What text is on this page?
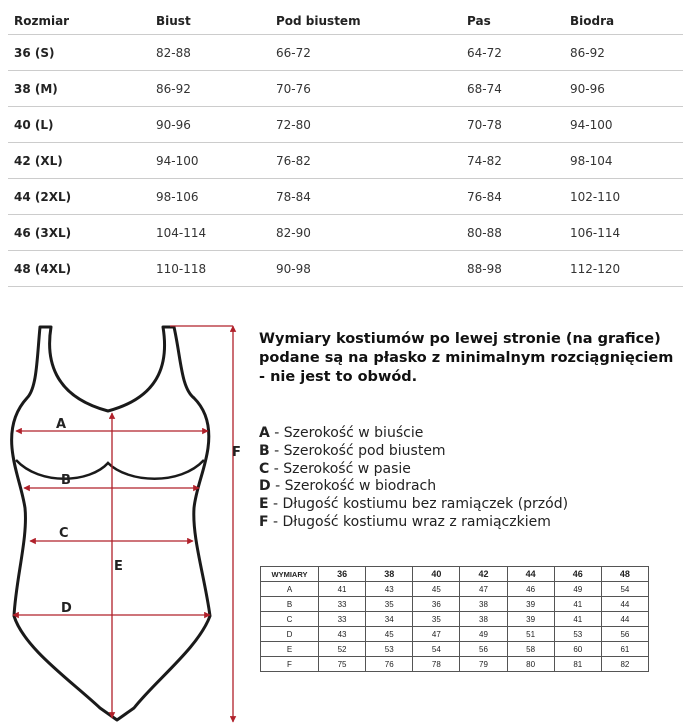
Rozmiar	Biust	Pod biustem	Pas	Biodra
36 (S)	82-88	66-72	64-72	86-92
38 (M)	86-92	70-76	68-74	90-96
40 (L)	90-96	72-80	70-78	94-100
42 (XL)	94-100	76-82	74-82	98-104
44 (2XL)	98-106	78-84	76-84	102-110
46 (3XL)	104-114	82-90	80-88	106-114
48 (4XL)	110-118	90-98	88-98	112-120
A
B
C
D
E
F
Wymiary kostiumów po lewej stronie (na grafice)
podane są na płasko z minimalnym rozciągnięciem
- nie jest to obwód.
A - Szerokość w biuście
B - Szerokość pod biustem
C - Szerokość w pasie
D - Szerokość w biodrach
E - Długość kostiumu bez ramiączek (przód)
F - Długość kostiumu wraz z ramiączkiem
WYMIARY	36	38	40	42	44	46	48
A	41	43	45	47	46	49	54
B	33	35	36	38	39	41	44
C	33	34	35	38	39	41	44
D	43	45	47	49	51	53	56
E	52	53	54	56	58	60	61
F	75	76	78	79	80	81	82
